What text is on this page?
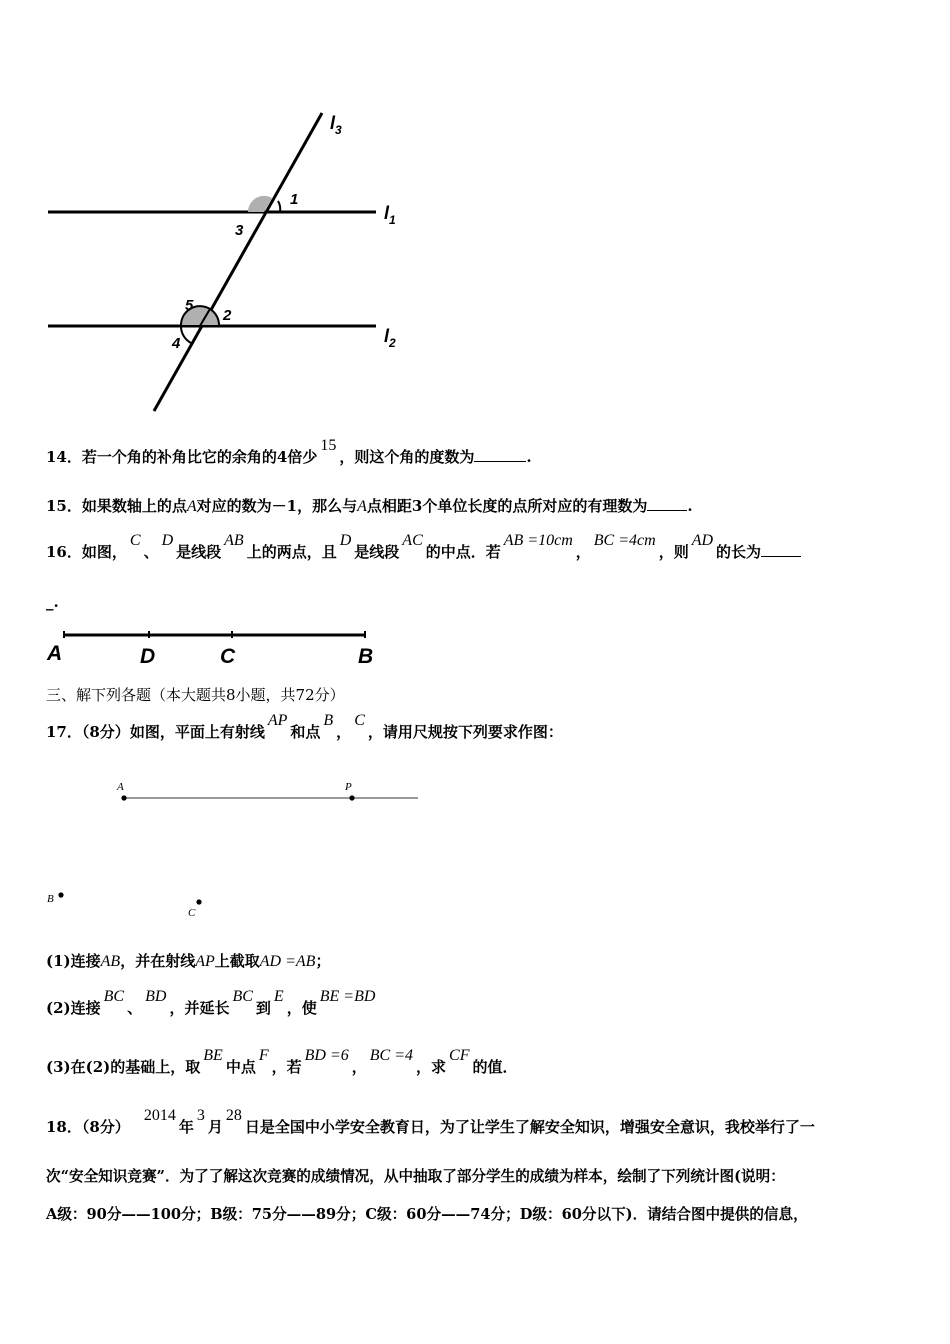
$l_3$
$l_1$
$l_2$
1
3
5
2
4
14．若一个角的补角比它的余角的4倍少15，则这个角的度数为	.
15．如果数轴上的点A对应的数为－1，那么与A点相距3个单位长度的点所对应的有理数为	.
16．如图，C、D是线段AB上的两点，且D是线段AC的中点．若AB =10cm，BC =4cm，则AD的长为
_.
A	D	C	B
三、解下列各题（本大题共8小题，共72分）
17．（8分）如图，平面上有射线AP和点B，C，请用尺规按下列要求作图：
A	P
B
C
(1)连接AB，并在射线AP上截取AD =AB；
(2)连接BC、BD，并延长BC到E，使BE =BD
(3)在(2)的基础上，取BE中点F，若BD =6，BC =4，求CF的值．
18．（8分）2014年3月28日是全国中小学安全教育日，为了让学生了解安全知识，增强安全意识，我校举行了一
次“安全知识竞赛”．为了了解这次竞赛的成绩情况，从中抽取了部分学生的成绩为样本，绘制了下列统计图(说明：
A级：90分——100分；B级：75分——89分；C级：60分——74分；D级：60分以下)．请结合图中提供的信息，
